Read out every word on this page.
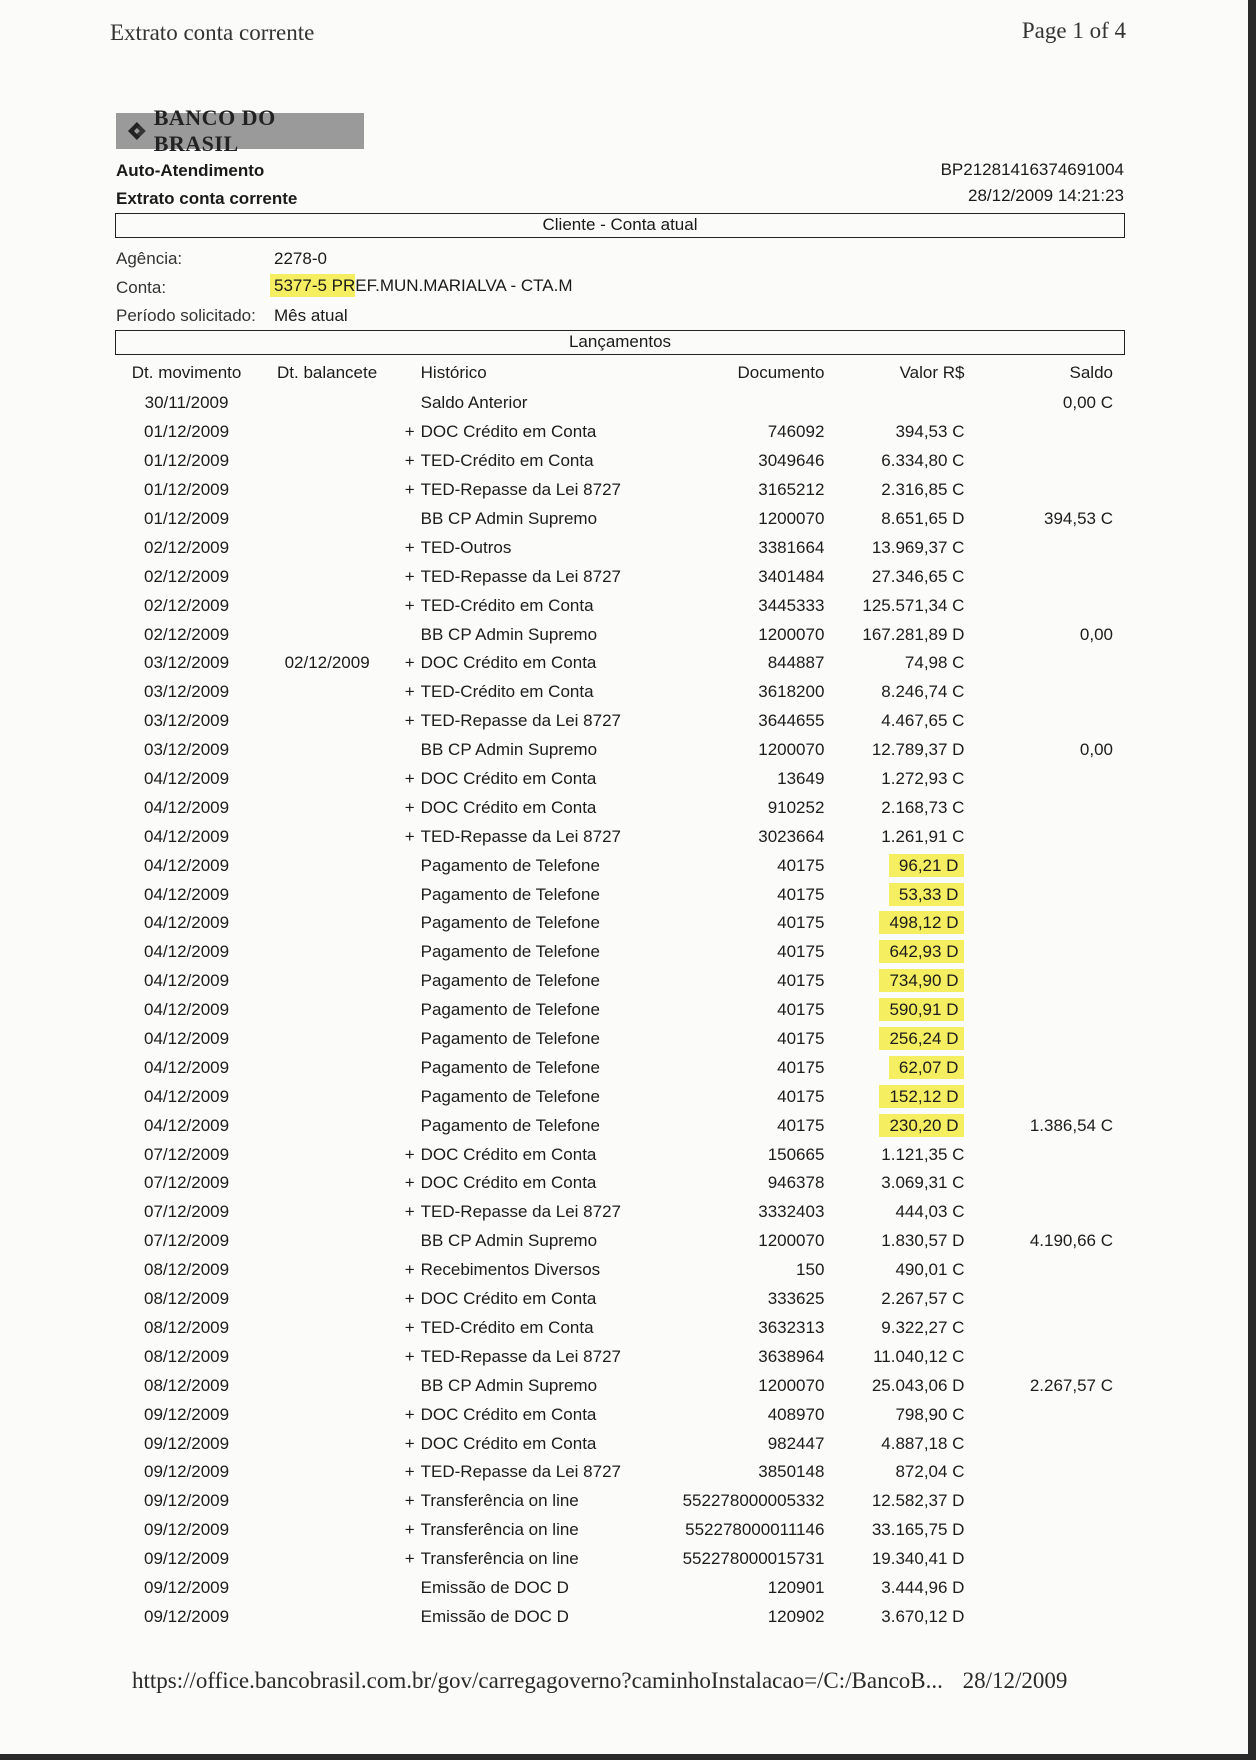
Extrato conta corrente	Page 1 of 4
BANCO DO BRASIL
Auto-Atendimento
Extrato conta corrente
BP21281416374691004
28/12/2009 14:21:23
Cliente - Conta atual
Agência:	2278-0
Conta:	5377-5 PREF.MUN.MARIALVA - CTA.M
Período solicitado: Mês atual
Lançamentos
Dt. movimento	Dt. balancete		Histórico	Documento	Valor R$	Saldo
30/11/2009			Saldo Anterior			0,00 C
01/12/2009		+	DOC Crédito em Conta	746092	394,53 C	
01/12/2009		+	TED-Crédito em Conta	3049646	6.334,80 C	
01/12/2009		+	TED-Repasse da Lei 8727	3165212	2.316,85 C	
01/12/2009			BB CP Admin Supremo	1200070	8.651,65 D	394,53 C
02/12/2009		+	TED-Outros	3381664	13.969,37 C	
02/12/2009		+	TED-Repasse da Lei 8727	3401484	27.346,65 C	
02/12/2009		+	TED-Crédito em Conta	3445333	125.571,34 C	
02/12/2009			BB CP Admin Supremo	1200070	167.281,89 D	0,00
03/12/2009	02/12/2009	+	DOC Crédito em Conta	844887	74,98 C	
03/12/2009		+	TED-Crédito em Conta	3618200	8.246,74 C	
03/12/2009		+	TED-Repasse da Lei 8727	3644655	4.467,65 C	
03/12/2009			BB CP Admin Supremo	1200070	12.789,37 D	0,00
04/12/2009		+	DOC Crédito em Conta	13649	1.272,93 C	
04/12/2009		+	DOC Crédito em Conta	910252	2.168,73 C	
04/12/2009		+	TED-Repasse da Lei 8727	3023664	1.261,91 C	
04/12/2009			Pagamento de Telefone	40175	96,21 D	
04/12/2009			Pagamento de Telefone	40175	53,33 D	
04/12/2009			Pagamento de Telefone	40175	498,12 D	
04/12/2009			Pagamento de Telefone	40175	642,93 D	
04/12/2009			Pagamento de Telefone	40175	734,90 D	
04/12/2009			Pagamento de Telefone	40175	590,91 D	
04/12/2009			Pagamento de Telefone	40175	256,24 D	
04/12/2009			Pagamento de Telefone	40175	62,07 D	
04/12/2009			Pagamento de Telefone	40175	152,12 D	
04/12/2009			Pagamento de Telefone	40175	230,20 D	1.386,54 C
07/12/2009		+	DOC Crédito em Conta	150665	1.121,35 C	
07/12/2009		+	DOC Crédito em Conta	946378	3.069,31 C	
07/12/2009		+	TED-Repasse da Lei 8727	3332403	444,03 C	
07/12/2009			BB CP Admin Supremo	1200070	1.830,57 D	4.190,66 C
08/12/2009		+	Recebimentos Diversos	150	490,01 C	
08/12/2009		+	DOC Crédito em Conta	333625	2.267,57 C	
08/12/2009		+	TED-Crédito em Conta	3632313	9.322,27 C	
08/12/2009		+	TED-Repasse da Lei 8727	3638964	11.040,12 C	
08/12/2009			BB CP Admin Supremo	1200070	25.043,06 D	2.267,57 C
09/12/2009		+	DOC Crédito em Conta	408970	798,90 C	
09/12/2009		+	DOC Crédito em Conta	982447	4.887,18 C	
09/12/2009		+	TED-Repasse da Lei 8727	3850148	872,04 C	
09/12/2009		+	Transferência on line	552278000005332	12.582,37 D	
09/12/2009		+	Transferência on line	552278000011146	33.165,75 D	
09/12/2009		+	Transferência on line	552278000015731	19.340,41 D	
09/12/2009			Emissão de DOC D	120901	3.444,96 D	
09/12/2009			Emissão de DOC D	120902	3.670,12 D	
https://office.bancobrasil.com.br/gov/carregagoverno?caminhoInstalacao=/C:/BancoB... 28/12/2009
